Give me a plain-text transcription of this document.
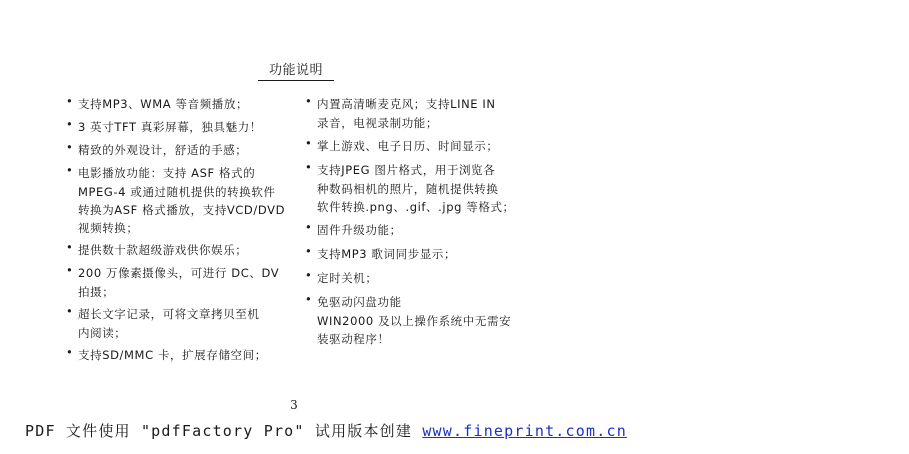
功能说明
• 支持MP3、WMA 等音频播放；
• 3 英寸TFT 真彩屏幕，独具魅力！
• 精致的外观设计，舒适的手感；
• 电影播放功能：支持 ASF 格式的
MPEG-4 或通过随机提供的转换软件
转换为ASF 格式播放，支持VCD/DVD
视频转换；
• 提供数十款超级游戏供你娱乐；
• 200 万像素摄像头，可进行 DC、DV
拍摄；
• 超长文字记录，可将文章拷贝至机
内阅读；
• 支持SD/MMC 卡，扩展存储空间；
• 内置高清晰麦克风；支持LINE IN
录音，电视录制功能；
• 掌上游戏、电子日历、时间显示；
• 支持JPEG 图片格式，用于浏览各
种数码相机的照片，随机提供转换
软件转换.png、.gif、.jpg 等格式；
• 固件升级功能；
• 支持MP3 歌词同步显示；
• 定时关机；
• 免驱动闪盘功能
WIN2000 及以上操作系统中无需安
装驱动程序！
3
PDF 文件使用 "pdfFactory Pro" 试用版本创建 www.fineprint.com.cn
